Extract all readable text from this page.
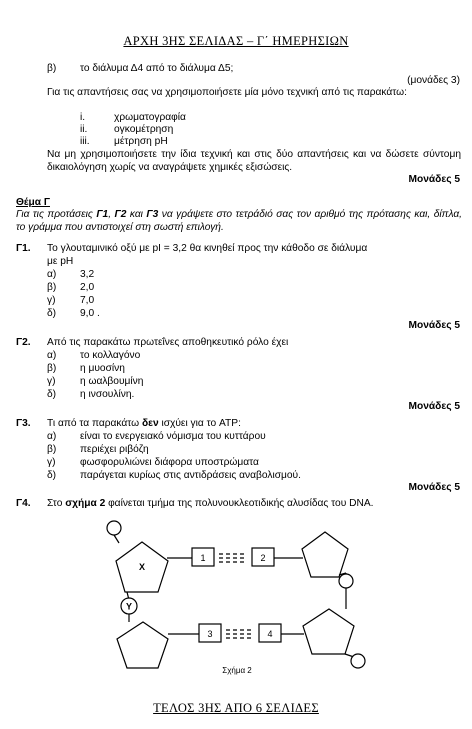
ΑΡΧΗ 3ΗΣ ΣΕΛΙΔΑΣ – Γ΄ ΗΜΕΡΗΣΙΩΝ
β) το διάλυμα Δ4 από το διάλυμα Δ5;
(μονάδες 3)
Για τις απαντήσεις σας να χρησιμοποιήσετε μία μόνο τεχνική από τις παρακάτω:
i.	χρωματογραφία
ii.	ογκομέτρηση
iii. μέτρηση pH
Να μη χρησιμοποιήσετε την ίδια τεχνική και στις δύο απαντήσεις και να δώσετε σύντομη δικαιολόγηση χωρίς να αναγράψετε χημικές εξισώσεις.
Μονάδες 5
Θέμα Γ
Για τις προτάσεις Γ1, Γ2 και Γ3 να γράψετε στο τετράδιό σας τον αριθμό της πρότασης και, δίπλα, το γράμμα που αντιστοιχεί στη σωστή επιλογή.
Γ1. Το γλουταμινικό οξύ με pI = 3,2 θα κινηθεί προς την κάθοδο σε διάλυμα
με pH
α) 3,2
β) 2,0
γ) 7,0
δ) 9,0 .
Μονάδες 5
Γ2. Από τις παρακάτω πρωτεΐνες αποθηκευτικό ρόλο έχει
α) το κολλαγόνο
β) η μυοσίνη
γ) η ωαλβουμίνη
δ) η ινσουλίνη.
Μονάδες 5
Γ3. Τι από τα παρακάτω δεν ισχύει για το ATP:
α) είναι το ενεργειακό νόμισμα του κυττάρου
β) περιέχει ριβόζη
γ) φωσφορυλιώνει διάφορα υποστρώματα
δ) παράγεται κυρίως στις αντιδράσεις αναβολισμού.
Μονάδες 5
Γ4. Στο σχήμα 2 φαίνεται τμήμα της πολυνουκλεοτιδικής αλυσίδας του DNA.
X
Y
1	2
3	4
Σχήμα 2
ΤΕΛΟΣ 3ΗΣ ΑΠΟ 6 ΣΕΛΙΔΕΣ
